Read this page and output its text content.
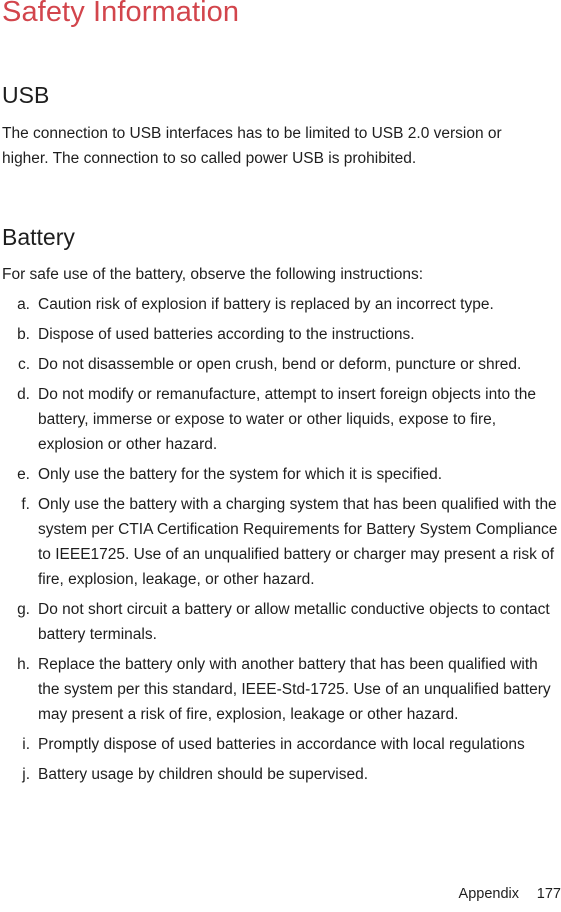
Safety Information
USB

The connection to USB interfaces has to be limited to USB 2.0 version or higher. The connection to so called power USB is prohibited.

Battery

For safe use of the battery, observe the following instructions:

a. Caution risk of explosion if battery is replaced by an incorrect type.
b. Dispose of used batteries according to the instructions.
c. Do not disassemble or open crush, bend or deform, puncture or shred.
d. Do not modify or remanufacture, attempt to insert foreign objects into the battery, immerse or expose to water or other liquids, expose to fire, explosion or other hazard.
e. Only use the battery for the system for which it is specified.
f. Only use the battery with a charging system that has been qualified with the system per CTIA Certification Requirements for Battery System Compliance to IEEE1725. Use of an unqualified battery or charger may present a risk of fire, explosion, leakage, or other hazard.
g. Do not short circuit a battery or allow metallic conductive objects to contact battery terminals.
h. Replace the battery only with another battery that has been qualified with the system per this standard, IEEE-Std-1725. Use of an unqualified battery may present a risk of fire, explosion, leakage or other hazard.
i. Promptly dispose of used batteries in accordance with local regulations
j. Battery usage by children should be supervised.
Appendix 177
